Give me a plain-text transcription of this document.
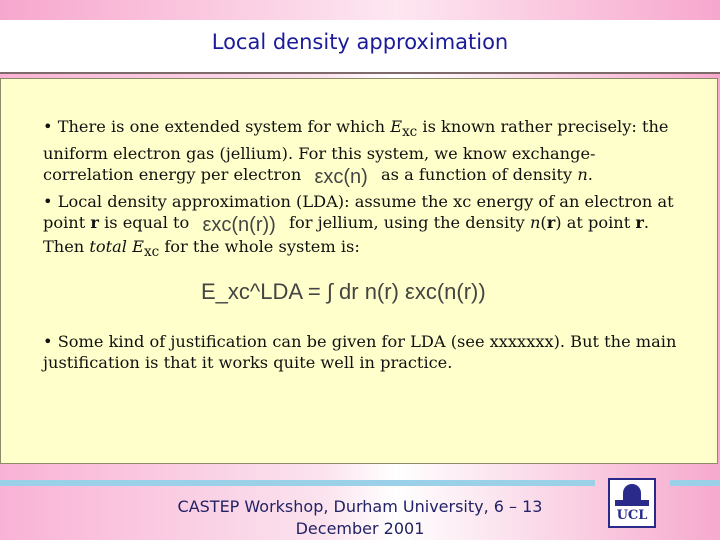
Local density approximation
• There is one extended system for which $E_{xc}$ is known rather precisely: the uniform electron gas (jellium). For this system, we know exchange-correlation energy per electron εxc(n) as a function of density n.
• Local density approximation (LDA): assume the xc energy of an electron at point r is equal to εxc(n(r)) for jellium, using the density n(r) at point r. Then total $E_{xc}$ for the whole system is:
E_xc^LDA = ∫ dr n(r) εxc(n(r))
• Some kind of justification can be given for LDA (see xxxxxxx). But the main justification is that it works quite well in practice.
CASTEP Workshop, Durham University, 6 – 13
December 2001
UCL
